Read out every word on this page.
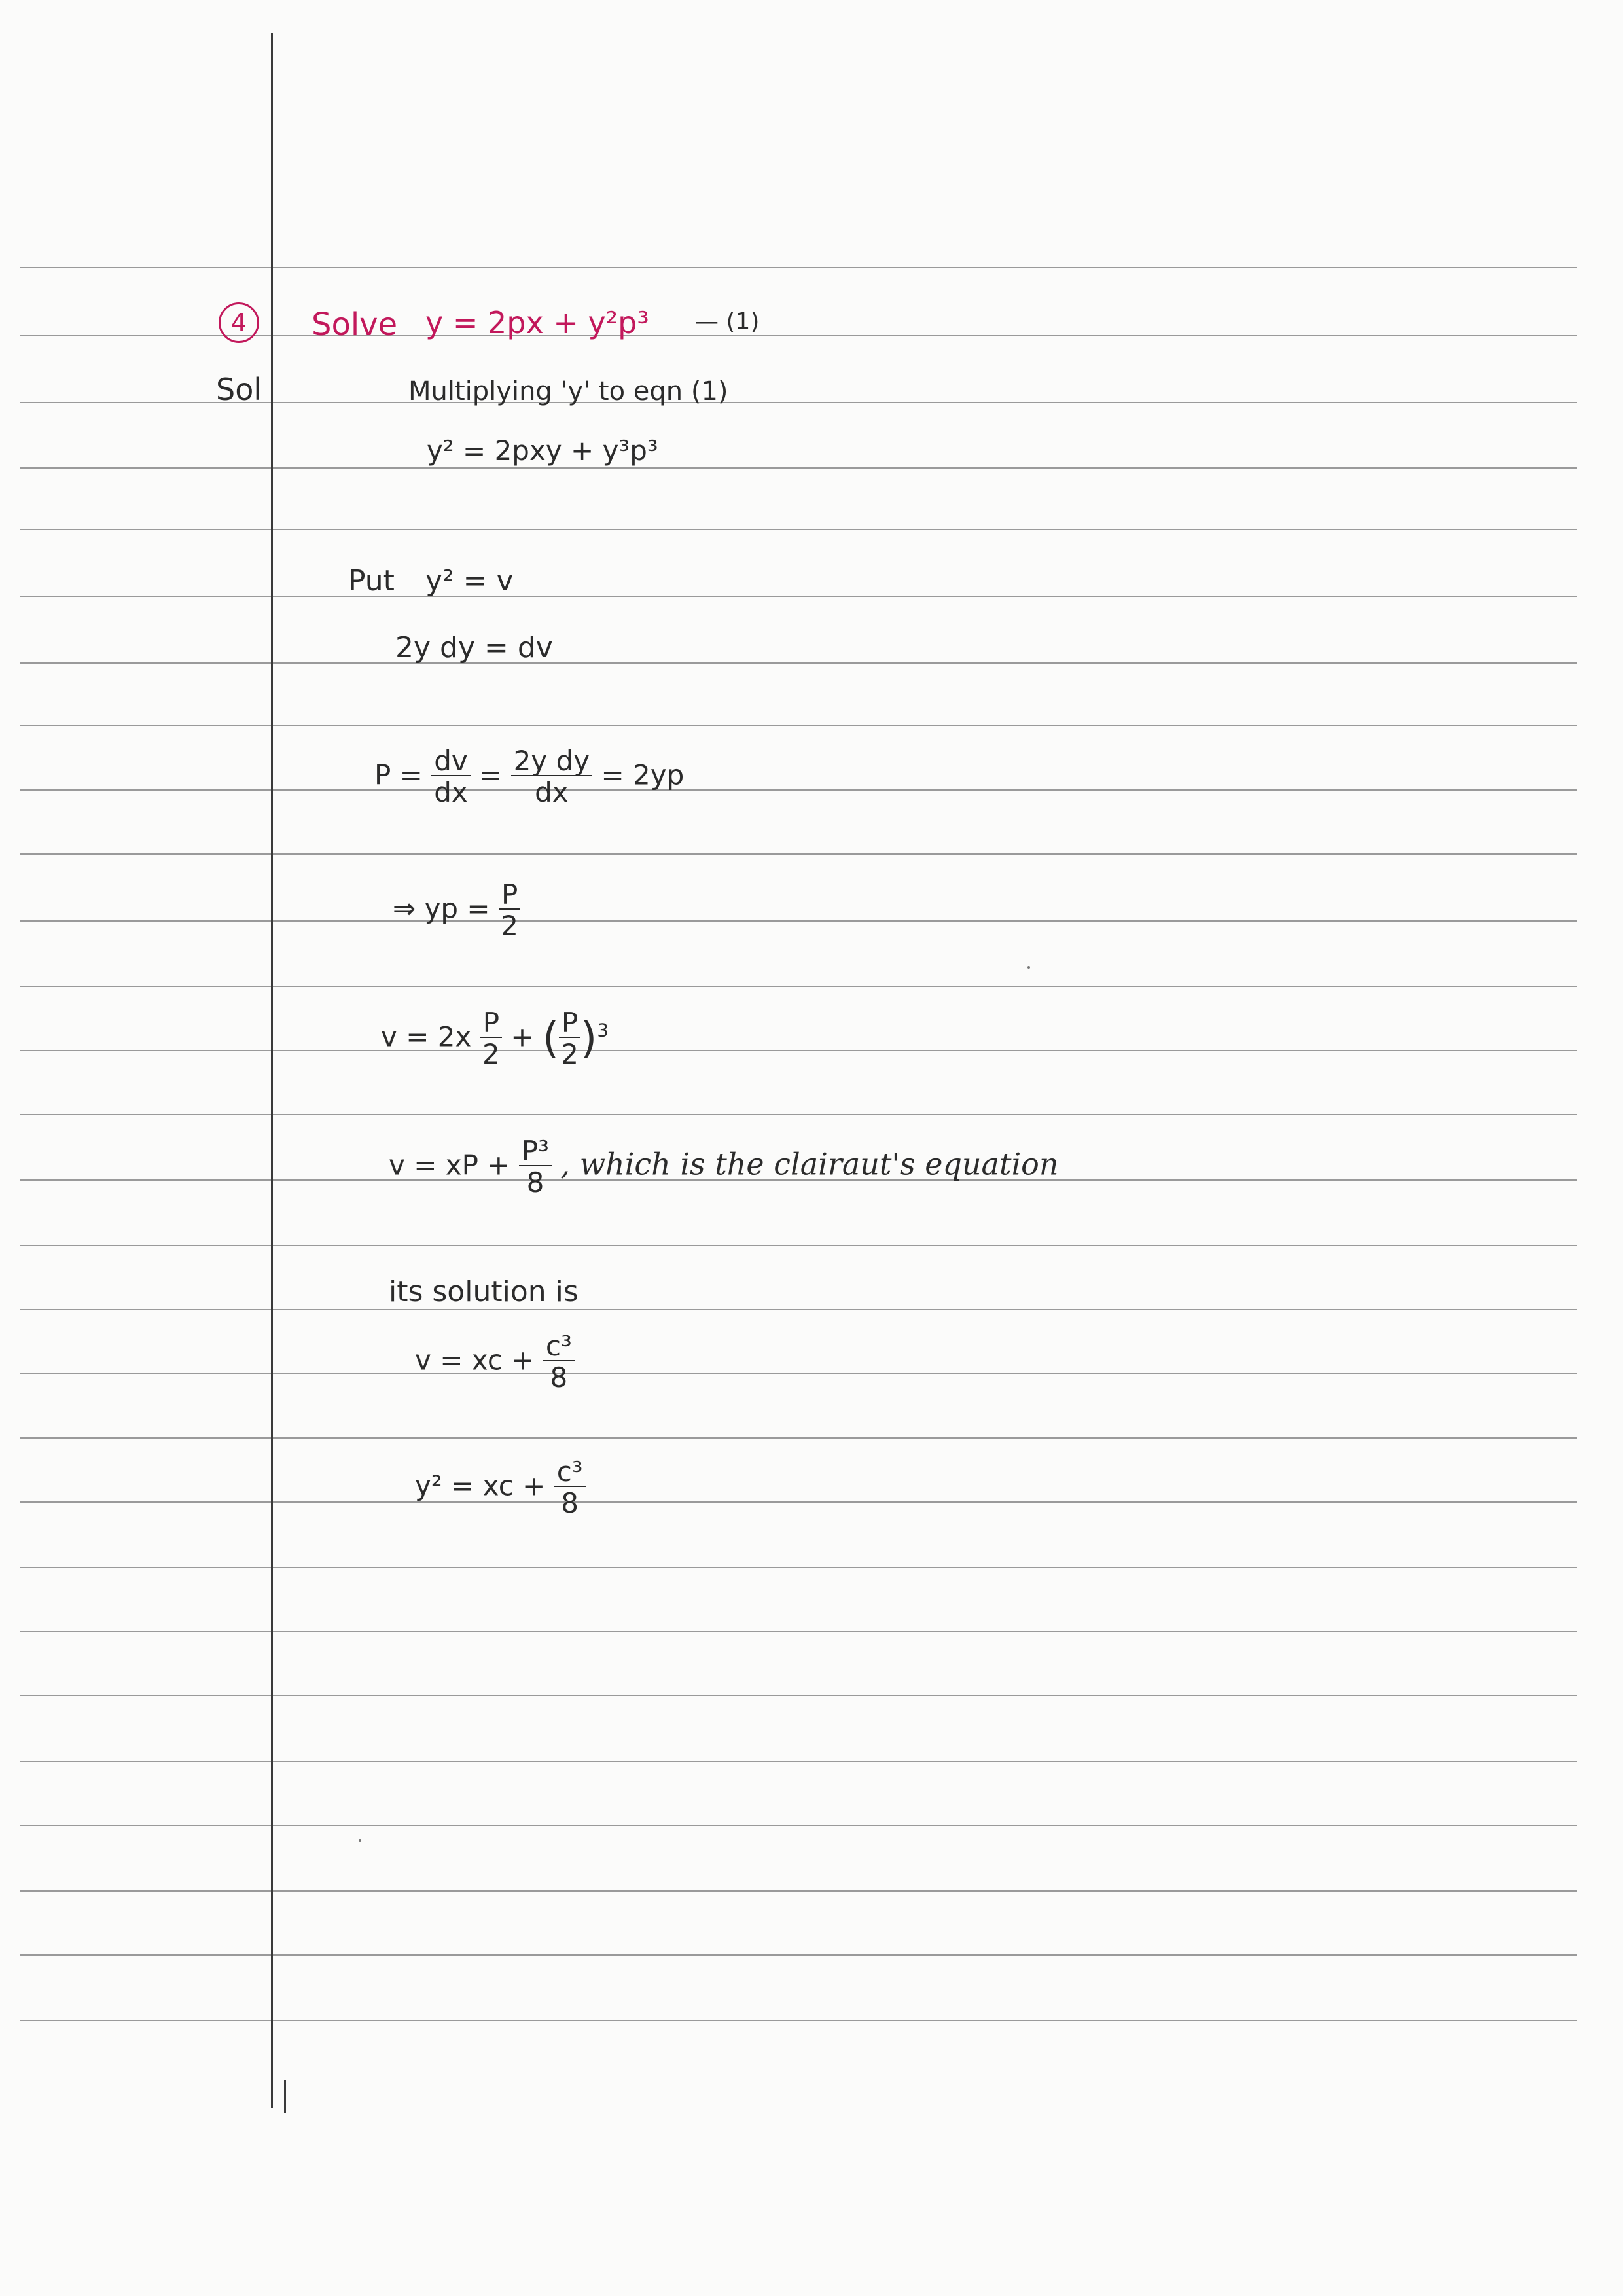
4	Solve y = 2px + y²p³ — (1)
Sol	Multiplying 'y' to eqn (1)
y² = 2pxy + y³p³
Put y² = v
2y dy = dv
$P = \frac{dv}{dx} = \frac{\text{2y dy}}{dx} = 2yp$
⇒ yp = $\frac{P}{2}$
$v = 2x \frac{P}{2}$ + ( $\frac{P}{2} )^3$
v = xP + $\frac{\text{P³}}{8}$ , which is the clairaut's equation
its solution is
v = xc + $\frac{\text{c³}}{8}$
y² = xc + $\frac{\text{c³}}{8}$
